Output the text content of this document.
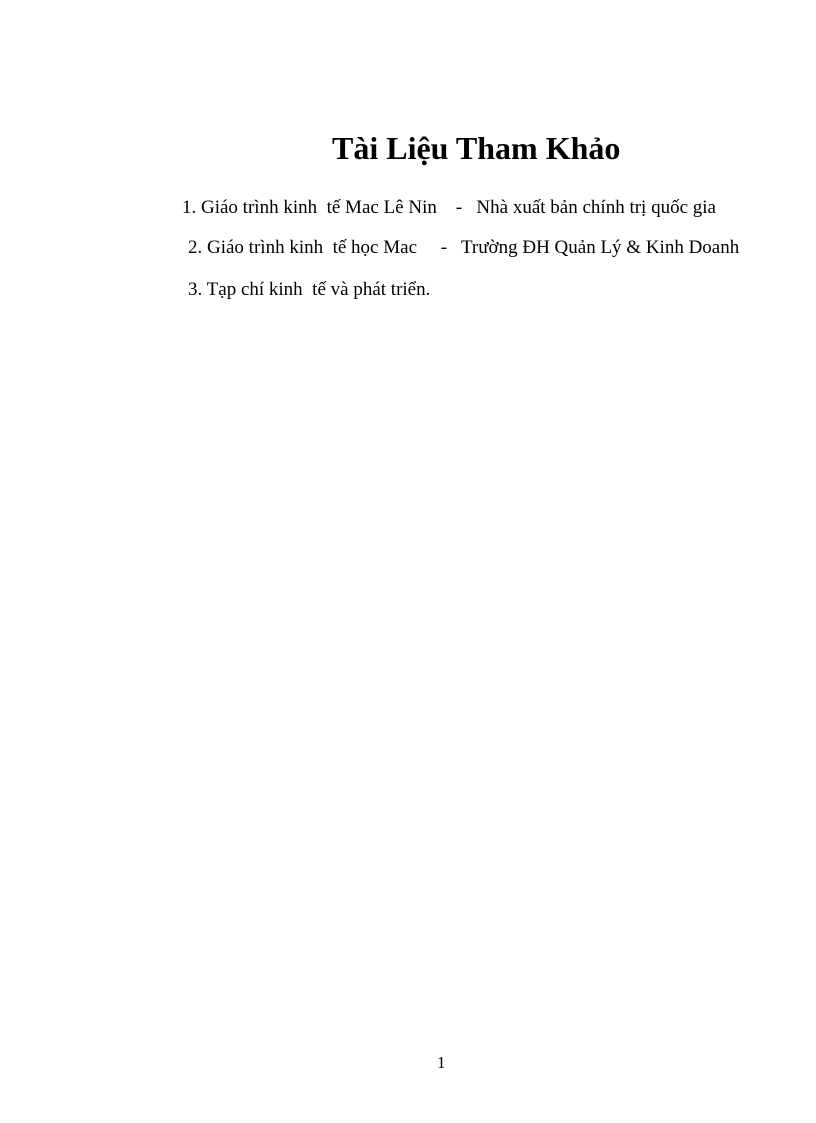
Tài Liệu Tham Khảo
1. Giáo trình kinh  tế Mac Lê Nin    -   Nhà xuất bản chính trị quốc gia
2. Giáo trình kinh  tế học Mac     -   Trường ĐH Quản Lý & Kinh Doanh
3. Tạp chí kinh  tế và phát triển.
1
